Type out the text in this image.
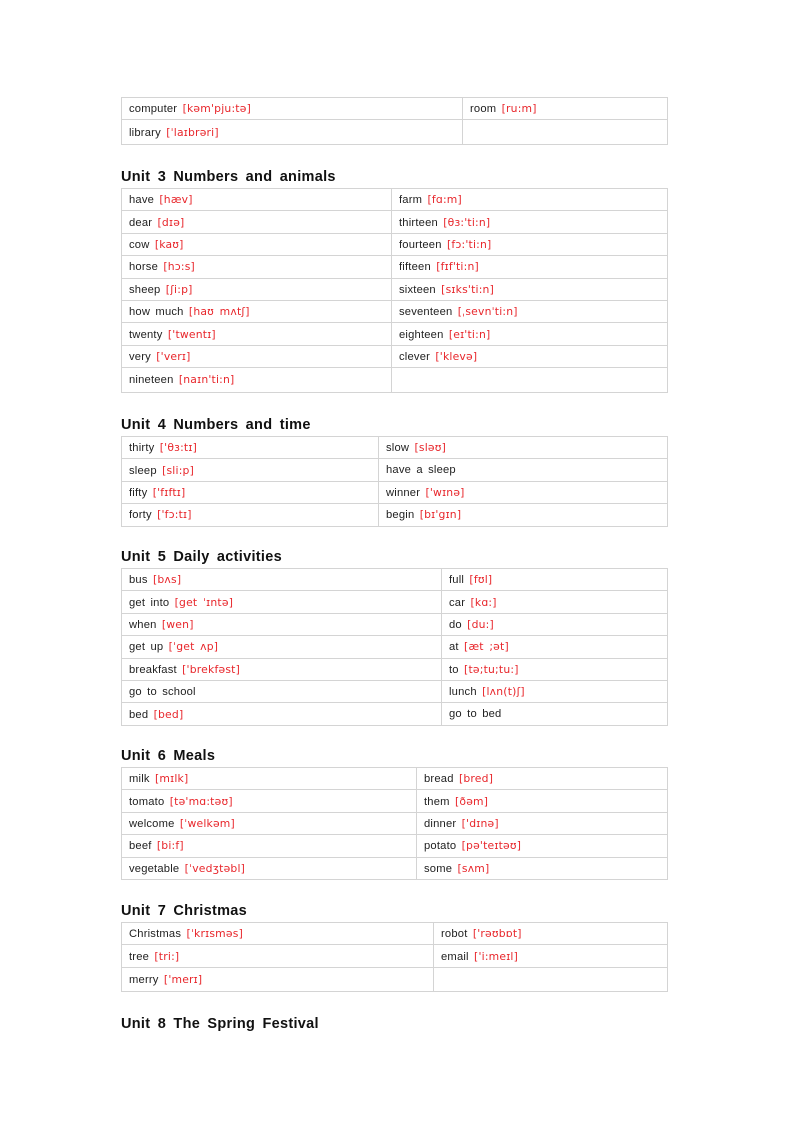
computer [kəm'pju:tə]	room [ru:m]
library [ˈlaɪbrəri]	
Unit 3 Numbers and animals
have [hæv]	farm [fɑ:m]
dear [dɪə]	thirteen [θɜ:'ti:n]
cow [kaʊ]	fourteen [fɔ:'ti:n]
horse [hɔ:s]	fifteen [fɪf'ti:n]
sheep [ʃi:p]	sixteen [sɪks'ti:n]
how much [haʊ mʌtʃ]	seventeen [ˌsevnˈti:n]
twenty ['twentɪ]	eighteen [eɪ'ti:n]
very ['verɪ]	clever ['klevə]
nineteen [naɪn'ti:n]	
Unit 4 Numbers and time
thirty ['θɜ:tɪ]	slow [sləʊ]
sleep [sli:p]	have a sleep
fifty ['fɪftɪ]	winner ['wɪnə]
forty ['fɔ:tɪ]	begin [bɪ'gɪn]
Unit 5 Daily activities
bus [bʌs]	full [fʊl]
get into [get ˈɪntə]	car [kɑ:]
when [wen]	do [du:]
get up [ˈget ʌp]	at [æt ;ət]
breakfast ['brekfəst]	to [tə;tu;tu:]
go to school	lunch [lʌn(t)ʃ]
bed [bed]	go to bed
Unit 6 Meals
milk [mɪlk]	bread [bred]
tomato [tə'mɑ:təʊ]	them [ðəm]
welcome [ˈwelkəm]	dinner ['dɪnə]
beef [bi:f]	potato [pə'teɪtəʊ]
vegetable [ˈvedʒtəbl]	some [sʌm]
Unit 7 Christmas
Christmas [ˈkrɪsməs]	robot ['rəʊbɒt]
tree [tri:]	email ['i:meɪl]
merry ['merɪ]	
Unit 8 The Spring Festival
